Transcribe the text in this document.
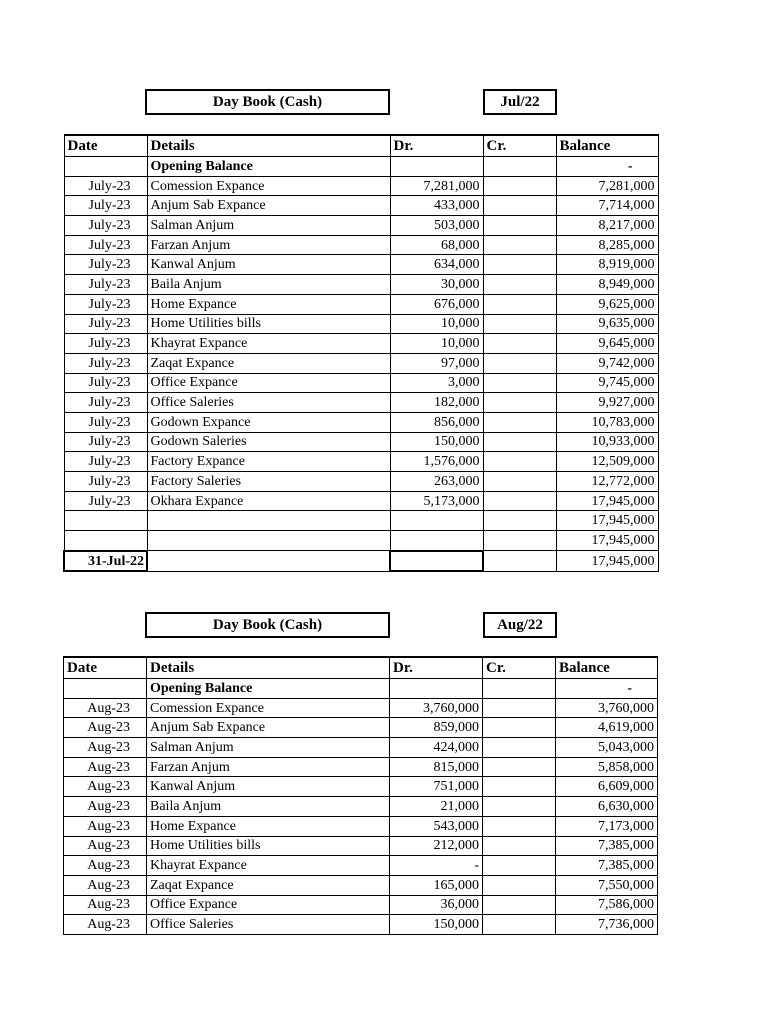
Day Book (Cash)	Jul/22
Date	Details	Dr.	Cr.	Balance
	Opening Balance			-
July-23	Comession Expance	7,281,000		7,281,000
July-23	Anjum Sab Expance	433,000		7,714,000
July-23	Salman Anjum	503,000		8,217,000
July-23	Farzan Anjum	68,000		8,285,000
July-23	Kanwal Anjum	634,000		8,919,000
July-23	Baila Anjum	30,000		8,949,000
July-23	Home Expance	676,000		9,625,000
July-23	Home Utilities bills	10,000		9,635,000
July-23	Khayrat Expance	10,000		9,645,000
July-23	Zaqat Expance	97,000		9,742,000
July-23	Office Expance	3,000		9,745,000
July-23	Office Saleries	182,000		9,927,000
July-23	Godown Expance	856,000		10,783,000
July-23	Godown Saleries	150,000		10,933,000
July-23	Factory Expance	1,576,000		12,509,000
July-23	Factory Saleries	263,000		12,772,000
July-23	Okhara Expance	5,173,000		17,945,000
				17,945,000
				17,945,000
31-Jul-22				17,945,000
Day Book (Cash)	Aug/22
Date	Details	Dr.	Cr.	Balance
	Opening Balance			-
Aug-23	Comession Expance	3,760,000		3,760,000
Aug-23	Anjum Sab Expance	859,000		4,619,000
Aug-23	Salman Anjum	424,000		5,043,000
Aug-23	Farzan Anjum	815,000		5,858,000
Aug-23	Kanwal Anjum	751,000		6,609,000
Aug-23	Baila Anjum	21,000		6,630,000
Aug-23	Home Expance	543,000		7,173,000
Aug-23	Home Utilities bills	212,000		7,385,000
Aug-23	Khayrat Expance	-		7,385,000
Aug-23	Zaqat Expance	165,000		7,550,000
Aug-23	Office Expance	36,000		7,586,000
Aug-23	Office Saleries	150,000		7,736,000
